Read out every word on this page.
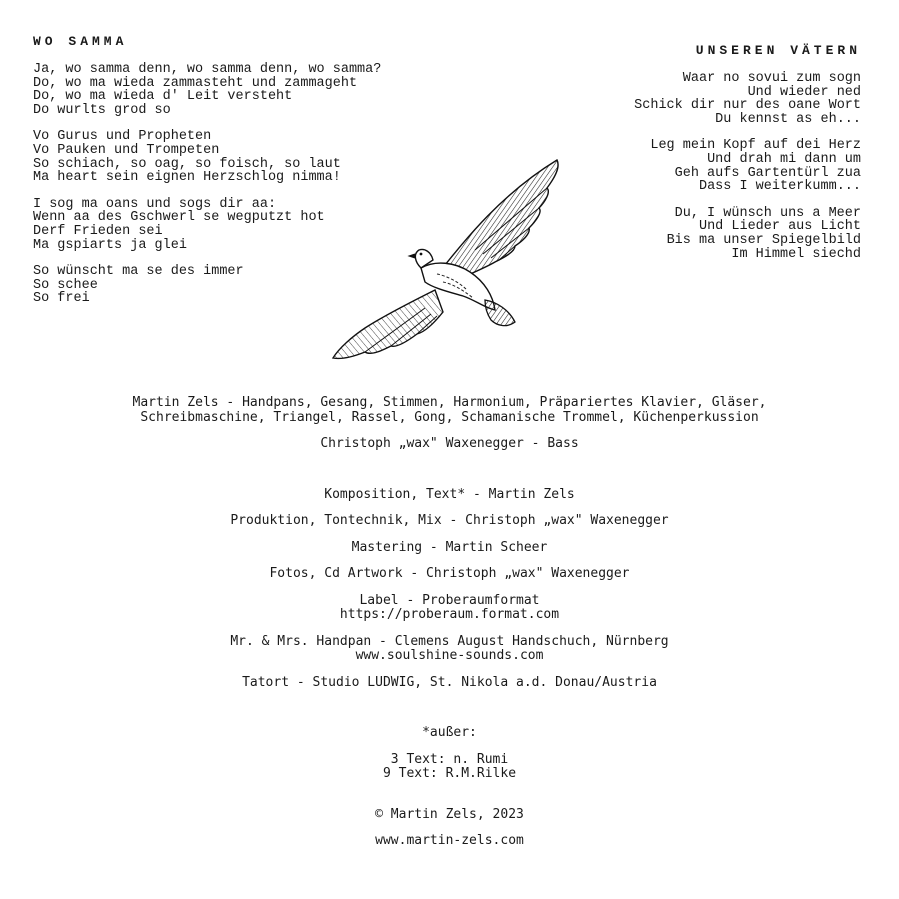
WO SAMMA
Ja, wo samma denn, wo samma denn, wo samma?
Do, wo ma wieda zammasteht und zammageht
Do, wo ma wieda d' Leit versteht
Do wurlts grod so
Vo Gurus und Propheten
Vo Pauken und Trompeten
So schiach, so oag, so foisch, so laut
Ma heart sein eignen Herzschlog nimma!
I sog ma oans und sogs dir aa:
Wenn aa des Gschwerl se wegputzt hot
Derf Frieden sei
Ma gspiarts ja glei
So wünscht ma se des immer
So schee
So frei
UNSEREN VÄTERN
Waar no sovui zum sogn
Und wieder ned
Schick dir nur des oane Wort
Du kennst as eh...
Leg mein Kopf auf dei Herz
Und drah mi dann um
Geh aufs Gartentürl zua
Dass I weiterkumm...
Du, I wünsch uns a Meer
Und Lieder aus Licht
Bis ma unser Spiegelbild
Im Himmel siechd

Martin Zels - Handpans, Gesang, Stimmen, Harmonium, Präpariertes Klavier, Gläser,

Schreibmaschine, Triangel, Rassel, Gong, Schamanische Trommel, Küchenperkussion

Christoph „wax" Waxenegger - Bass

Komposition, Text* - Martin Zels

Produktion, Tontechnik, Mix - Christoph „wax" Waxenegger

Mastering - Martin Scheer

Fotos, Cd Artwork - Christoph „wax" Waxenegger

Label - Proberaumformat

https://proberaum.format.com

Mr. & Mrs. Handpan - Clemens August Handschuch, Nürnberg

www.soulshine-sounds.com

Tatort - Studio LUDWIG, St. Nikola a.d. Donau/Austria

*außer:

3 Text: n. Rumi

9 Text: R.M.Rilke

© Martin Zels, 2023

www.martin-zels.com
